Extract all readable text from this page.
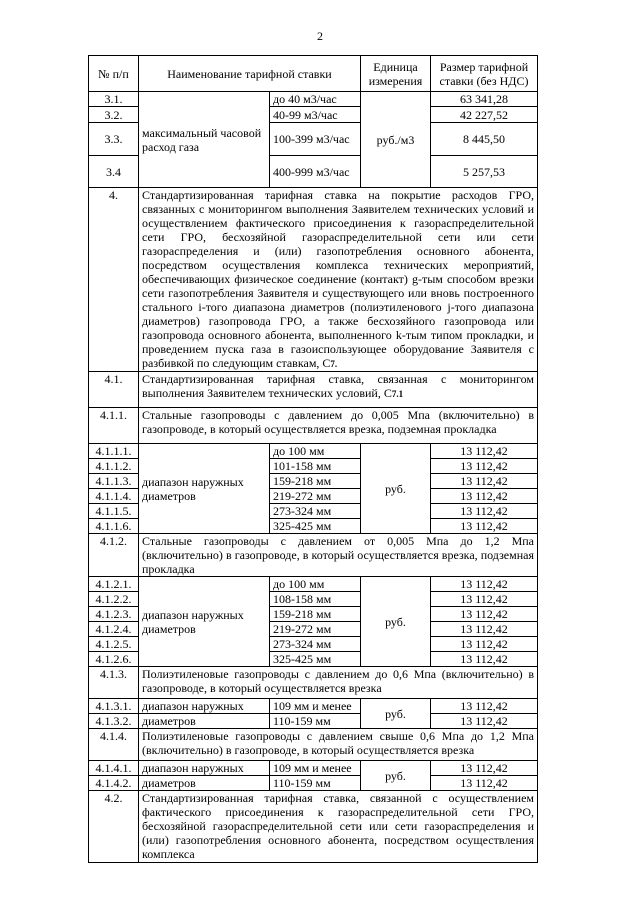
2
№ п/п	Наименование тарифной ставки		Единица измерения	Размер тарифной ставки (без НДС)
3.1.	максимальный часовой расход газа	до 40 м3/час	руб./м3	63 341,28
3.2.		40-99 м3/час		42 227,52
3.3.		100-399 м3/час		8 445,50
3.4		400-999 м3/час		5 257,53
4.	Стандартизированная тарифная ставка на покрытие расходов ГРО, связанных с мониторингом выполнения Заявителем технических условий и осуществлением фактического присоединения к газораспределительной сети ГРО, бесхозяйной газораспределительной сети или сети газораспределения и (или) газопотребления основного абонента, посредством осуществления комплекса технических мероприятий, обеспечивающих физическое соединение (контакт) g-тым способом врезки сети газопотребления Заявителя и существующего или вновь построенного стального i-того диапазона диаметров (полиэтиленового j-того диапазона диаметров) газопровода ГРО, а также бесхозяйного газопровода или газопровода основного абонента, выполненного k-тым типом прокладки, и проведением пуска газа в газоиспользующее оборудование Заявителя с разбивкой по следующим ставкам, С7.			
4.1.	Стандартизированная тарифная ставка, связанная с мониторингом выполнения Заявителем технических условий, С7.1			
4.1.1.	Стальные газопроводы с давлением до 0,005 Мпа (включительно) в газопроводе, в который осуществляется врезка, подземная прокладка			
4.1.1.1.	диапазон наружных диаметров	до 100 мм	руб.	13 112,42
4.1.1.2.		101-158 мм		13 112,42
4.1.1.3.		159-218 мм		13 112,42
4.1.1.4.		219-272 мм		13 112,42
4.1.1.5.		273-324 мм		13 112,42
4.1.1.6.		325-425 мм		13 112,42
4.1.2.	Стальные газопроводы с давлением от 0,005 Мпа до 1,2 Мпа (включительно) в газопроводе, в который осуществляется врезка, подземная прокладка			
4.1.2.1.	диапазон наружных диаметров	до 100 мм	руб.	13 112,42
4.1.2.2.		108-158 мм		13 112,42
4.1.2.3.		159-218 мм		13 112,42
4.1.2.4.		219-272 мм		13 112,42
4.1.2.5.		273-324 мм		13 112,42
4.1.2.6.		325-425 мм		13 112,42
4.1.3.	Полиэтиленовые газопроводы с давлением до 0,6 Мпа (включительно) в газопроводе, в который осуществляется врезка			
4.1.3.1.	диапазон наружных	109 мм и менее	руб.	13 112,42
4.1.3.2.	диаметров	110-159 мм		13 112,42
4.1.4.	Полиэтиленовые газопроводы с давлением свыше 0,6 Мпа до 1,2 Мпа (включительно) в газопроводе, в который осуществляется врезка			
4.1.4.1.	диапазон наружных	109 мм и менее	руб.	13 112,42
4.1.4.2.	диаметров	110-159 мм		13 112,42
4.2.	Стандартизированная тарифная ставка, связанной с осуществлением фактического присоединения к газораспределительной сети ГРО, бесхозяйной газораспределительной сети или сети газораспределения и (или) газопотребления основного абонента, посредством осуществления комплекса			
